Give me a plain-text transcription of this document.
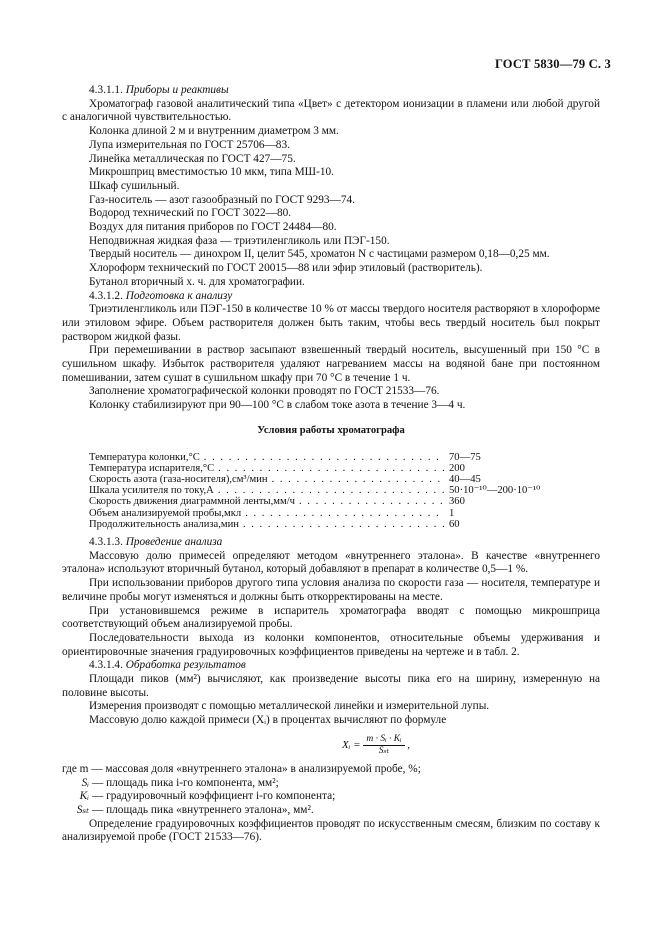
ГОСТ 5830—79 С. 3

4.3.1.1. Приборы и реактивы

Хроматограф газовой аналитический типа «Цвет» с детектором ионизации в пламени или любой другой с аналогичной чувствительностью.

Колонка длиной 2 м и внутренним диаметром 3 мм.

Лупа измерительная по ГОСТ 25706—83.

Линейка металлическая по ГОСТ 427—75.

Микрошприц вместимостью 10 мкм, типа МШ-10.

Шкаф сушильный.

Газ-носитель — азот газообразный по ГОСТ 9293—74.

Водород технический по ГОСТ 3022—80.

Воздух для питания приборов по ГОСТ 24484—80.

Неподвижная жидкая фаза — триэтиленгликоль или ПЭГ-150.

Твердый носитель — динохром II, целит 545, хроматон N с частицами размером 0,18—0,25 мм.

Хлороформ технический по ГОСТ 20015—88 или эфир этиловый (растворитель).

Бутанол вторичный х. ч. для хроматографии.

4.3.1.2. Подготовка к анализу

Триэтиленгликоль или ПЭГ-150 в количестве 10 % от массы твердого носителя растворяют в хлороформе или этиловом эфире. Объем растворителя должен быть таким, чтобы весь твердый носитель был покрыт раствором жидкой фазы.

При перемешивании в раствор засыпают взвешенный твердый носитель, высушенный при 150 °С в сушильном шкафу. Избыток растворителя удаляют нагреванием массы на водяной бане при постоянном помешивании, затем сушат в сушильном шкафу при 70 °С в течение 1 ч.

Заполнение хроматографической колонки проводят по ГОСТ 21533—76.

Колонку стабилизируют при 90—100 °С в слабом токе азота в течение 3—4 ч.

Условия работы хроматографа
Температура колонки,°С . . .	70—75
Температура испарителя,°С . . .	200
Скорость азота (газа-носителя),см³/мин . . .	40—45
Шкала усилителя по току,А . . .	50·10⁻¹⁰—200·10⁻¹⁰
Скорость движения диаграммной ленты,мм/ч . . .	360
Объем анализируемой пробы,мкл . . .	1
Продолжительность анализа,мин . . .	60

4.3.1.3. Проведение анализа

Массовую долю примесей определяют методом «внутреннего эталона». В качестве «внутреннего эталона» используют вторичный бутанол, который добавляют в препарат в количестве 0,5—1 %.

При использовании приборов другого типа условия анализа по скорости газа — носителя, температуре и величине пробы могут изменяться и должны быть откорректированы на месте.

При установившемся режиме в испаритель хроматографа вводят с помощью микрошприца соответствующий объем анализируемой пробы.

Последовательности выхода из колонки компонентов, относительные объемы удерживания и ориентировочные значения градуировочных коэффициентов приведены на чертеже и в табл. 2.

4.3.1.4. Обработка результатов

Площади пиков (мм²) вычисляют, как произведение высоты пика его на ширину, измеренную на половине высоты.

Измерения производят с помощью металлической линейки и измерительной лупы.

Массовую долю каждой примеси (Xᵢ) в процентах вычисляют по формуле

Xᵢ = $\frac{\text{m · Sᵢ · Kᵢ}}{\text{Sₛₜ}}$ ,

где m — массовая доля «внутреннего эталона» в анализируемой пробе, %;

Sᵢ — площадь пика i-го компонента, мм²;

Kᵢ — градуировочный коэффициент i-го компонента;

Sₛₜ — площадь пика «внутреннего эталона», мм².

Определение градуировочных коэффициентов проводят по искусственным смесям, близким по составу к анализируемой пробе (ГОСТ 21533—76).
